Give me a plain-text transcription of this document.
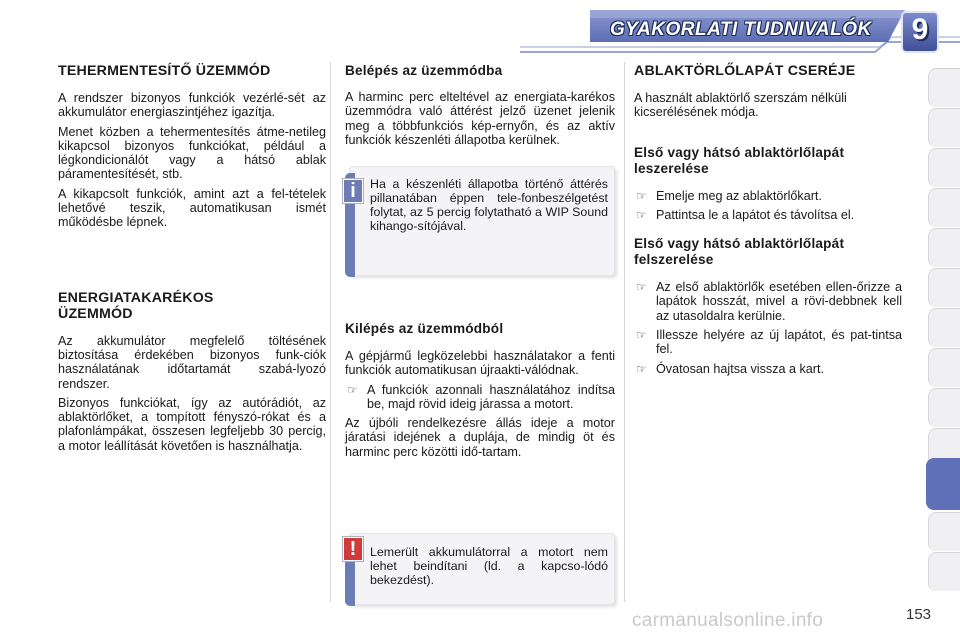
GYAKORLATI TUDNIVALÓK	9
TEHERMENTESÍTŐ ÜZEMMÓD

A rendszer bizonyos funkciók vezérlé-sét az akkumulátor energiaszintjéhez igazítja.

Menet közben a tehermentesítés átme-netileg kikapcsol bizonyos funkciókat, például a légkondicionálót vagy a hátsó ablak páramentesítését, stb.

A kikapcsolt funkciók, amint azt a fel-tételek lehetővé teszik, automatikusan ismét működésbe lépnek.

ENERGIATAKARÉKOS
ÜZEMMÓD

Az akkumulátor megfelelő töltésének biztosítása érdekében bizonyos funk-ciók használatának időtartamát szabá-lyozó rendszer.

Bizonyos funkciókat, így az autórádiót, az ablaktörlőket, a tompított fényszó-rókat és a plafonlámpákat, összesen legfeljebb 30 percig, a motor leállítását követően is használhatja.

Belépés az üzemmódba

A harminc perc elteltével az energiata-karékos üzemmódra való áttérést jelző üzenet jelenik meg a többfunkciós kép-ernyőn, és az aktív funkciók készenléti állapotba kerülnek.

Ha a készenléti állapotba történő áttérés pillanatában éppen tele-fonbeszélgetést folytat, az 5 percig folytatható a WIP Sound kihango-sítójával.
i
Kilépés az üzemmódból

A gépjármű legközelebbi használatakor a fenti funkciók automatikusan újraakti-válódnak.

☞ A funkciók azonnali használatához indítsa be, majd rövid ideig járassa a motort.

Az újbóli rendelkezésre állás ideje a motor járatási idejének a duplája, de mindig öt és harminc perc közötti idő-tartam.

Lemerült akkumulátorral a motort nem lehet beindítani (ld. a kapcso-lódó bekezdést).
!
ABLAKTÖRLŐLAPÁT CSERÉJE

A használt ablaktörlő szerszám nélküli kicserélésének módja.

Első vagy hátsó ablaktörlőlapát leszerelése
☞ Emelje meg az ablaktörlőkart.
☞ Pattintsa le a lapátot és távolítsa el.
Első vagy hátsó ablaktörlőlapát felszerelése
☞ Az első ablaktörlők esetében ellen-őrizze a lapátok hosszát, mivel a rövi-debbnek kell az utasoldalra kerülnie.
☞ Illessze helyére az új lapátot, és pat-tintsa fel.
☞ Óvatosan hajtsa vissza a kart.
153
carmanualsonline.info
